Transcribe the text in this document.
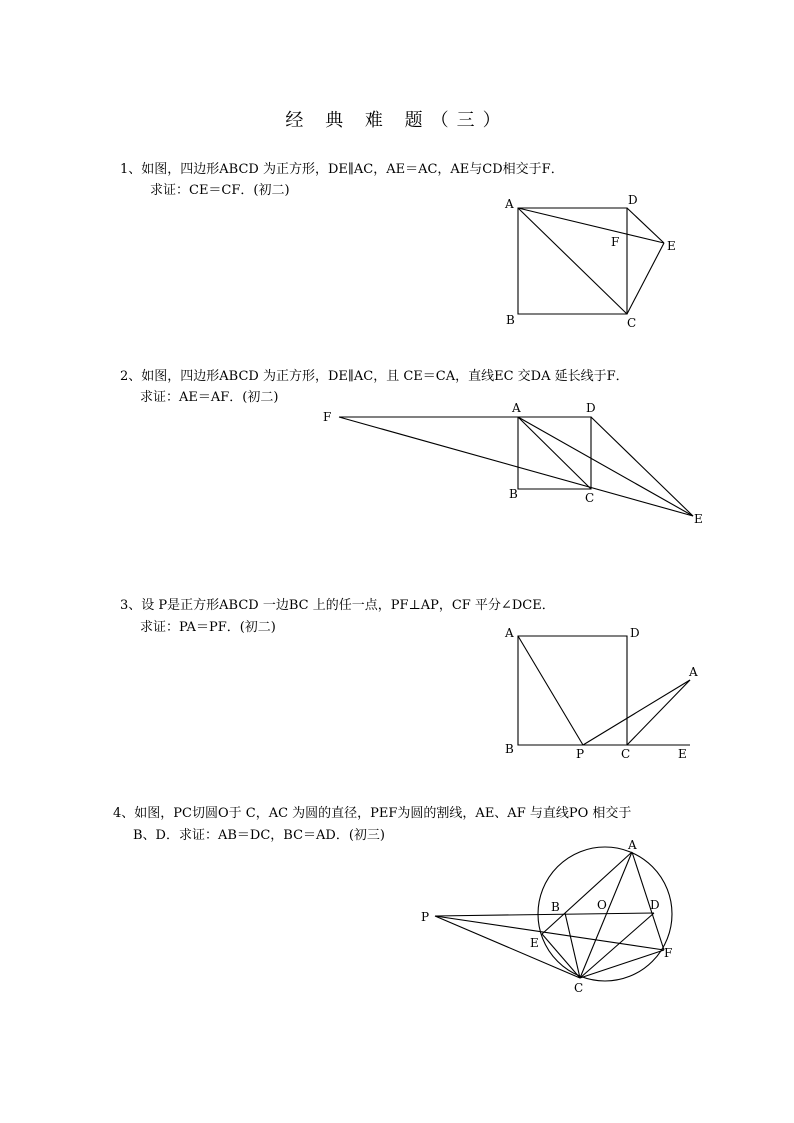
经 典 难 题（三）
1、如图，四边形ABCD 为正方形，DE∥AC，AE＝AC，AE与CD相交于F．
求证：CE＝CF．(初二)
A	D
F	E
B	C
2、如图，四边形ABCD 为正方形，DE∥AC，且 CE＝CA，直线EC 交DA 延长线于F．
求证：AE＝AF．(初二)
F
A	D
B	C
E
3、设 P是正方形ABCD 一边BC 上的任一点，PF⊥AP，CF 平分∠DCE．
求证：PA＝PF．(初二)	A	D
A
B	P	C	E
4、如图，PC切圆O于 C，AC 为圆的直径，PEF为圆的割线，AE、AF 与直线PO 相交于
B、D．求证：AB＝DC，BC＝AD．(初三)
A
P
B	O	D
E
F
C
